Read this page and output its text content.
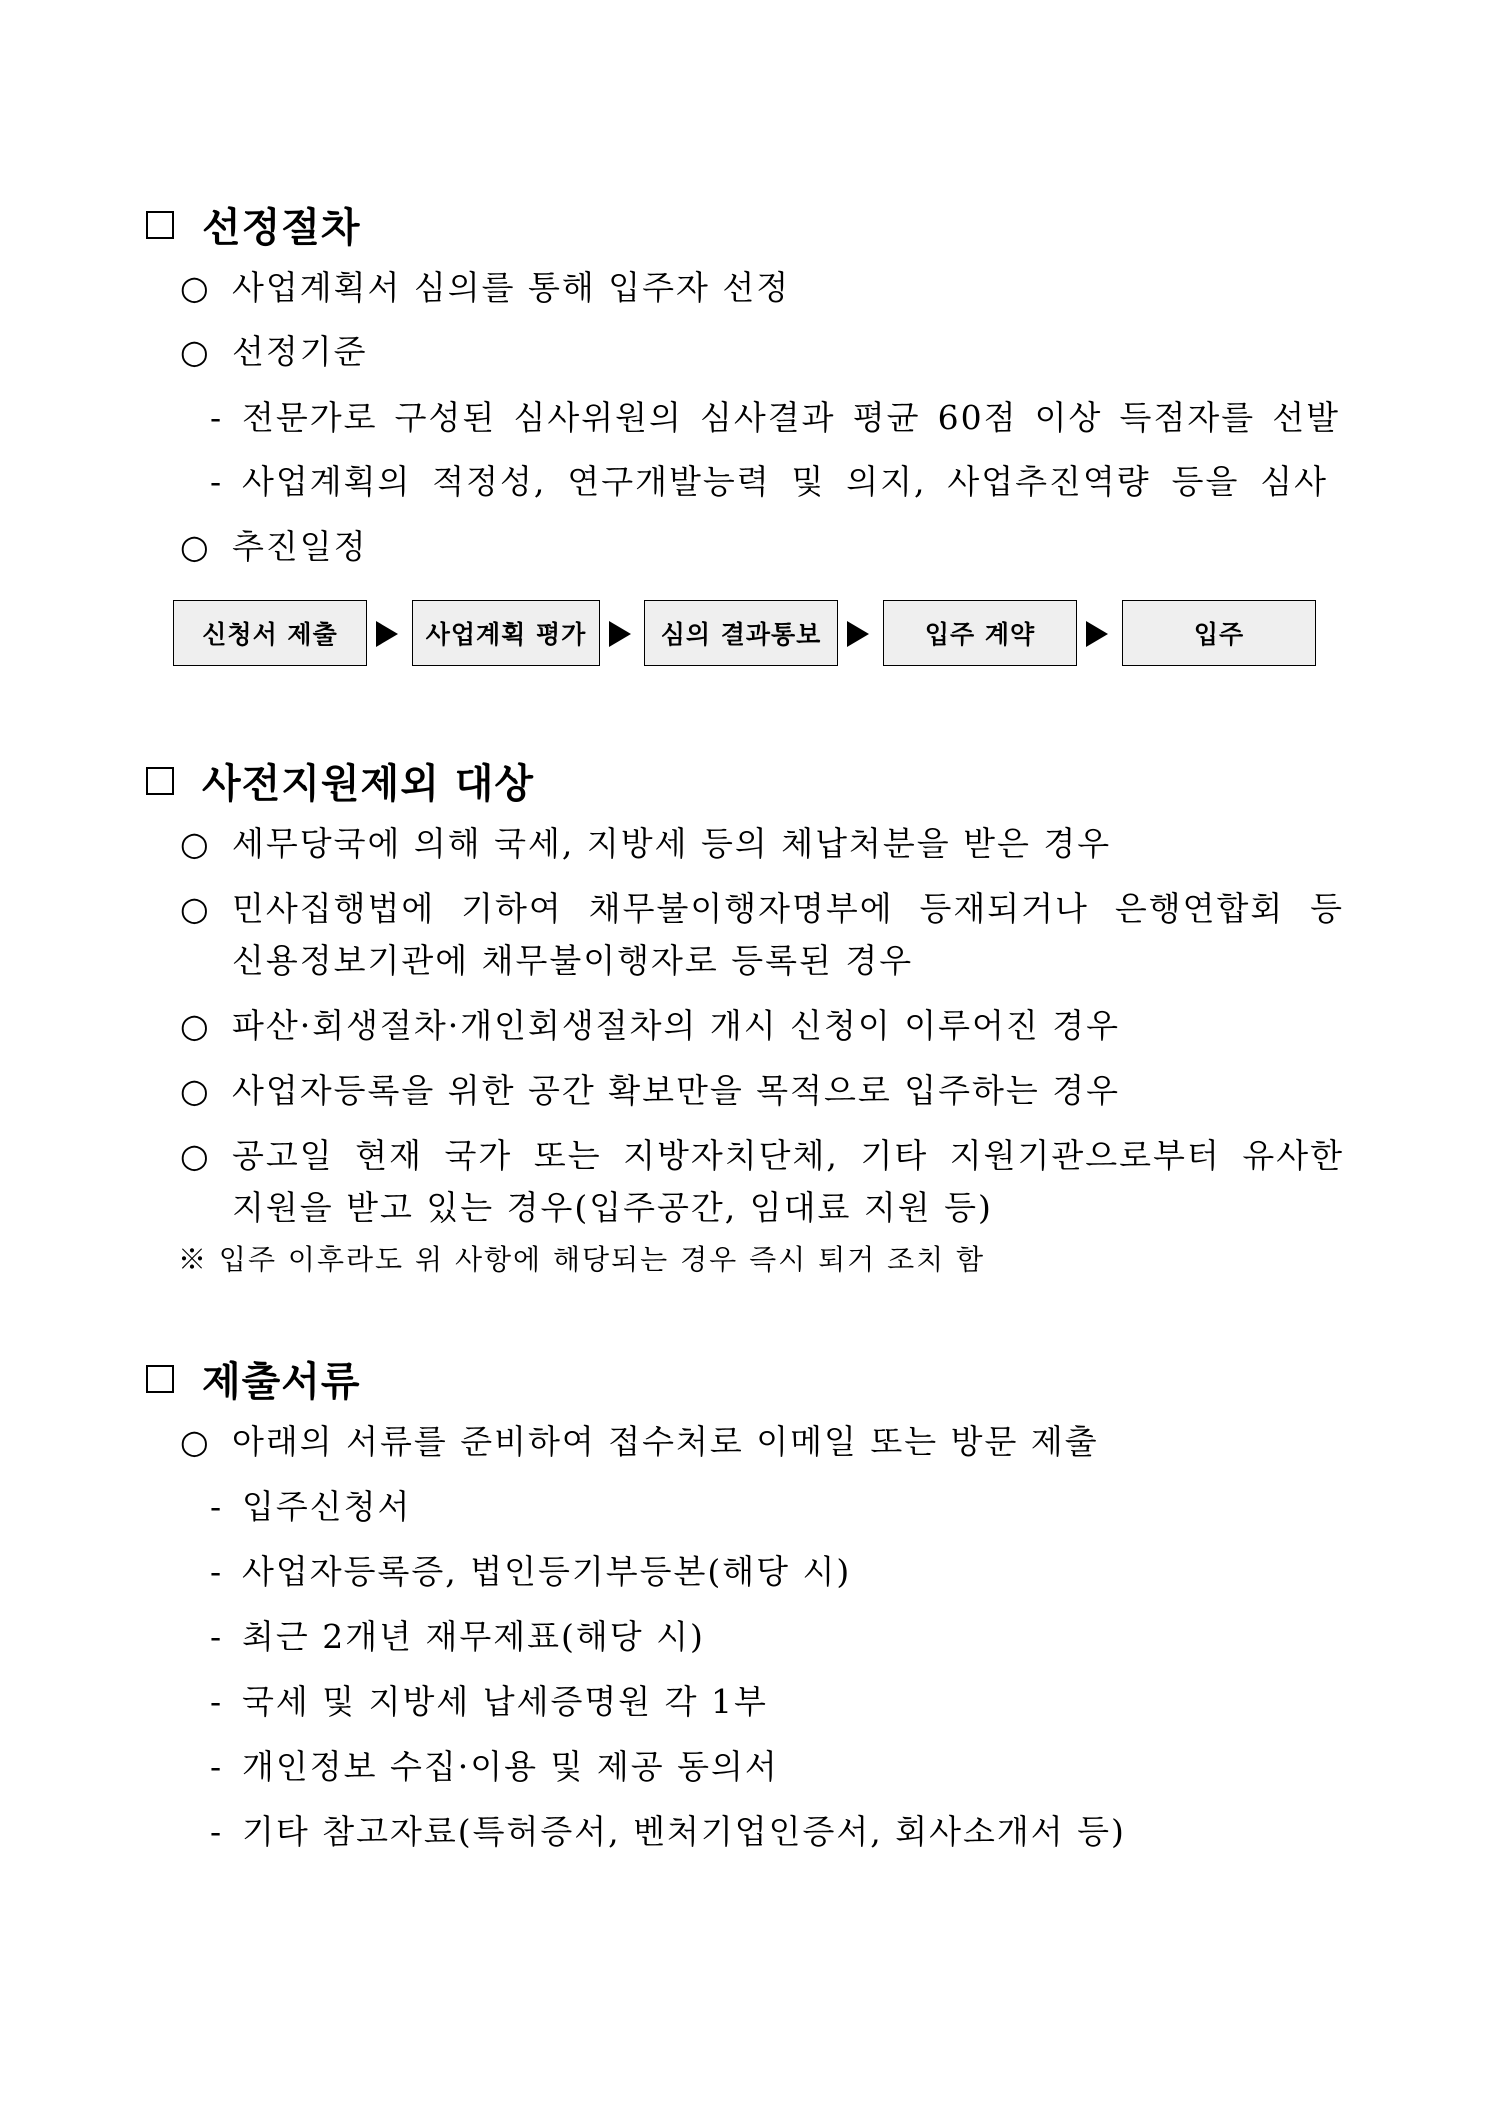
선정절차
○ 사업계획서 심의를 통해 입주자 선정
○ 선정기준
- 전문가로 구성된 심사위원의 심사결과 평균 60점 이상 득점자를 선발
- 사업계획의 적정성, 연구개발능력 및 의지, 사업추진역량 등을 심사
○ 추진일정
신청서 제출	사업계획 평가	심의 결과통보	입주 계약	입주
사전지원제외 대상
○ 세무당국에 의해 국세, 지방세 등의 체납처분을 받은 경우
○ 민사집행법에 기하여 채무불이행자명부에 등재되거나 은행연합회 등
신용정보기관에 채무불이행자로 등록된 경우
○ 파산·회생절차·개인회생절차의 개시 신청이 이루어진 경우
○ 사업자등록을 위한 공간 확보만을 목적으로 입주하는 경우
○ 공고일 현재 국가 또는 지방자치단체, 기타 지원기관으로부터 유사한
지원을 받고 있는 경우(입주공간, 임대료 지원 등)
※ 입주 이후라도 위 사항에 해당되는 경우 즉시 퇴거 조치 함
제출서류
○ 아래의 서류를 준비하여 접수처로 이메일 또는 방문 제출
- 입주신청서
- 사업자등록증, 법인등기부등본(해당 시)
- 최근 2개년 재무제표(해당 시)
- 국세 및 지방세 납세증명원 각 1부
- 개인정보 수집·이용 및 제공 동의서
- 기타 참고자료(특허증서, 벤처기업인증서, 회사소개서 등)
